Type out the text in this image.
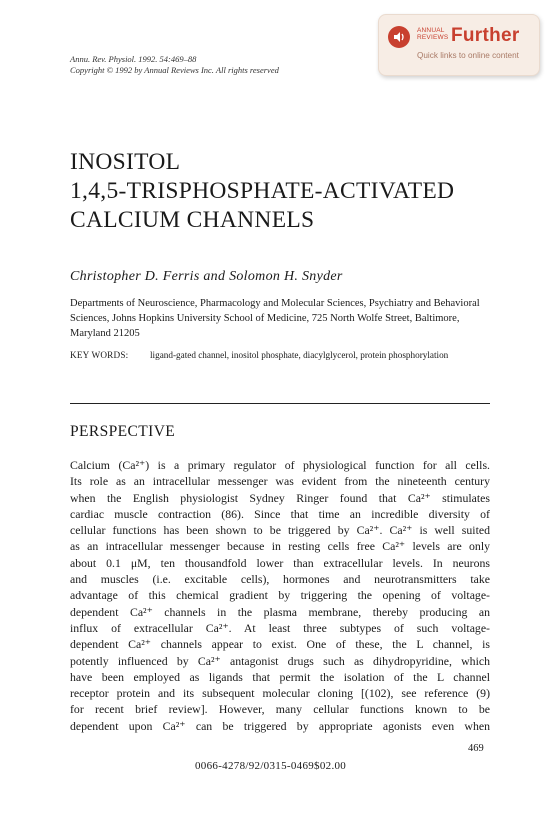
Annu. Rev. Physiol. 1992. 54:469–88
Copyright © 1992 by Annual Reviews Inc. All rights reserved
ANNUAL
REVIEWS Further
Quick links to online content
INOSITOL
1,4,5-TRISPHOSPHATE-ACTIVATED
CALCIUM CHANNELS
Christopher D. Ferris and Solomon H. Snyder
Departments of Neuroscience, Pharmacology and Molecular Sciences, Psychiatry and Behavioral Sciences, Johns Hopkins University School of Medicine, 725 North Wolfe Street, Baltimore, Maryland 21205
KEY WORDS:	ligand-gated channel, inositol phosphate, diacylglycerol, protein phosphorylation
PERSPECTIVE
Calcium (Ca²⁺) is a primary regulator of physiological function for all cells.
Its role as an intracellular messenger was evident from the nineteenth century
when the English physiologist Sydney Ringer found that Ca²⁺ stimulates
cardiac muscle contraction (86). Since that time an incredible diversity of
cellular functions has been shown to be triggered by Ca²⁺. Ca²⁺ is well suited
as an intracellular messenger because in resting cells free Ca²⁺ levels are only
about 0.1 μM, ten thousandfold lower than extracellular levels. In neurons
and muscles (i.e. excitable cells), hormones and neurotransmitters take
advantage of this chemical gradient by triggering the opening of voltage-
dependent Ca²⁺ channels in the plasma membrane, thereby producing an
influx of extracellular Ca²⁺. At least three subtypes of such voltage-
dependent Ca²⁺ channels appear to exist. One of these, the L channel, is
potently influenced by Ca²⁺ antagonist drugs such as dihydropyridine, which
have been employed as ligands that permit the isolation of the L channel
receptor protein and its subsequent molecular cloning [(102), see reference (9)
for recent brief review]. However, many cellular functions known to be
dependent upon Ca²⁺ can be triggered by appropriate agonists even when
469
0066-4278/92/0315-0469$02.00
